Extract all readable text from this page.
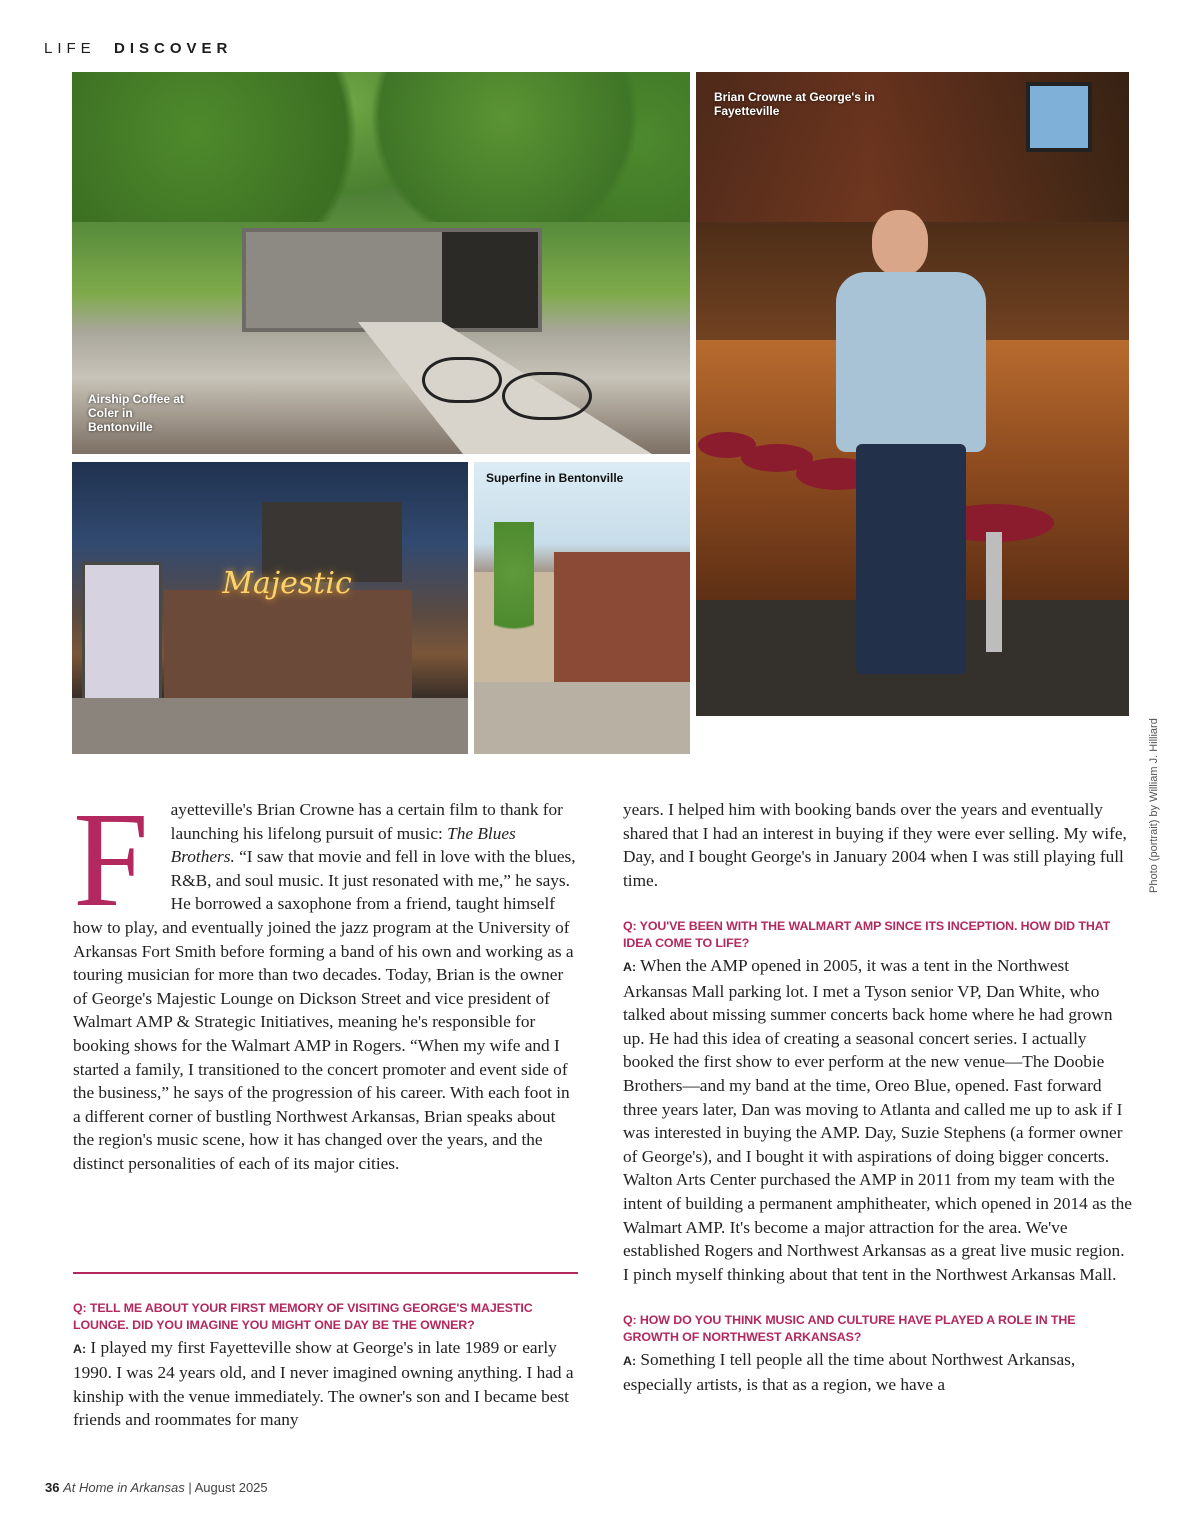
LIFE DISCOVER
Airship Coffee at Coler in Bentonville
Brian Crowne at George's in Fayetteville
Majestic
Superfine in Bentonville
Photo (portrait) by William J. Hilliard
F	ayetteville's Brian Crowne has a certain film to thank for launching his lifelong pursuit of music: The Blues Brothers. “I saw that movie and fell in love with the blues, R&B, and soul music. It just resonated with me,” he says. He borrowed a saxophone from a friend, taught himself how to play, and eventually joined the jazz program at the University of Arkansas Fort Smith before forming a band of his own and working as a touring musician for more than two decades. Today, Brian is the owner of George's Majestic Lounge on Dickson Street and vice president of Walmart AMP & Strategic Initiatives, meaning he's responsible for booking shows for the Walmart AMP in Rogers. “When my wife and I started a family, I transitioned to the concert promoter and event side of the business,” he says of the progression of his career. With each foot in a different corner of bustling Northwest Arkansas, Brian speaks about the region's music scene, how it has changed over the years, and the distinct personalities of each of its major cities.

Q: TELL ME ABOUT YOUR FIRST MEMORY OF VISITING GEORGE'S MAJESTIC LOUNGE. DID YOU IMAGINE YOU MIGHT ONE DAY BE THE OWNER?

A: I played my first Fayetteville show at George's in late 1989 or early 1990. I was 24 years old, and I never imagined owning anything. I had a kinship with the venue immediately. The owner's son and I became best friends and roommates for many

years. I helped him with booking bands over the years and eventually shared that I had an interest in buying if they were ever selling. My wife, Day, and I bought George's in January 2004 when I was still playing full time.

Q: YOU'VE BEEN WITH THE WALMART AMP SINCE ITS INCEPTION. HOW DID THAT IDEA COME TO LIFE?

A: When the AMP opened in 2005, it was a tent in the Northwest Arkansas Mall parking lot. I met a Tyson senior VP, Dan White, who talked about missing summer concerts back home where he had grown up. He had this idea of creating a seasonal concert series. I actually booked the first show to ever perform at the new venue—The Doobie Brothers—and my band at the time, Oreo Blue, opened. Fast forward three years later, Dan was moving to Atlanta and called me up to ask if I was interested in buying the AMP. Day, Suzie Stephens (a former owner of George's), and I bought it with aspirations of doing bigger concerts. Walton Arts Center purchased the AMP in 2011 from my team with the intent of building a permanent amphitheater, which opened in 2014 as the Walmart AMP. It's become a major attraction for the area. We've established Rogers and Northwest Arkansas as a great live music region. I pinch myself thinking about that tent in the Northwest Arkansas Mall.

Q: HOW DO YOU THINK MUSIC AND CULTURE HAVE PLAYED A ROLE IN THE GROWTH OF NORTHWEST ARKANSAS?

A: Something I tell people all the time about Northwest Arkansas, especially artists, is that as a region, we have a

36 At Home in Arkansas | August 2025
